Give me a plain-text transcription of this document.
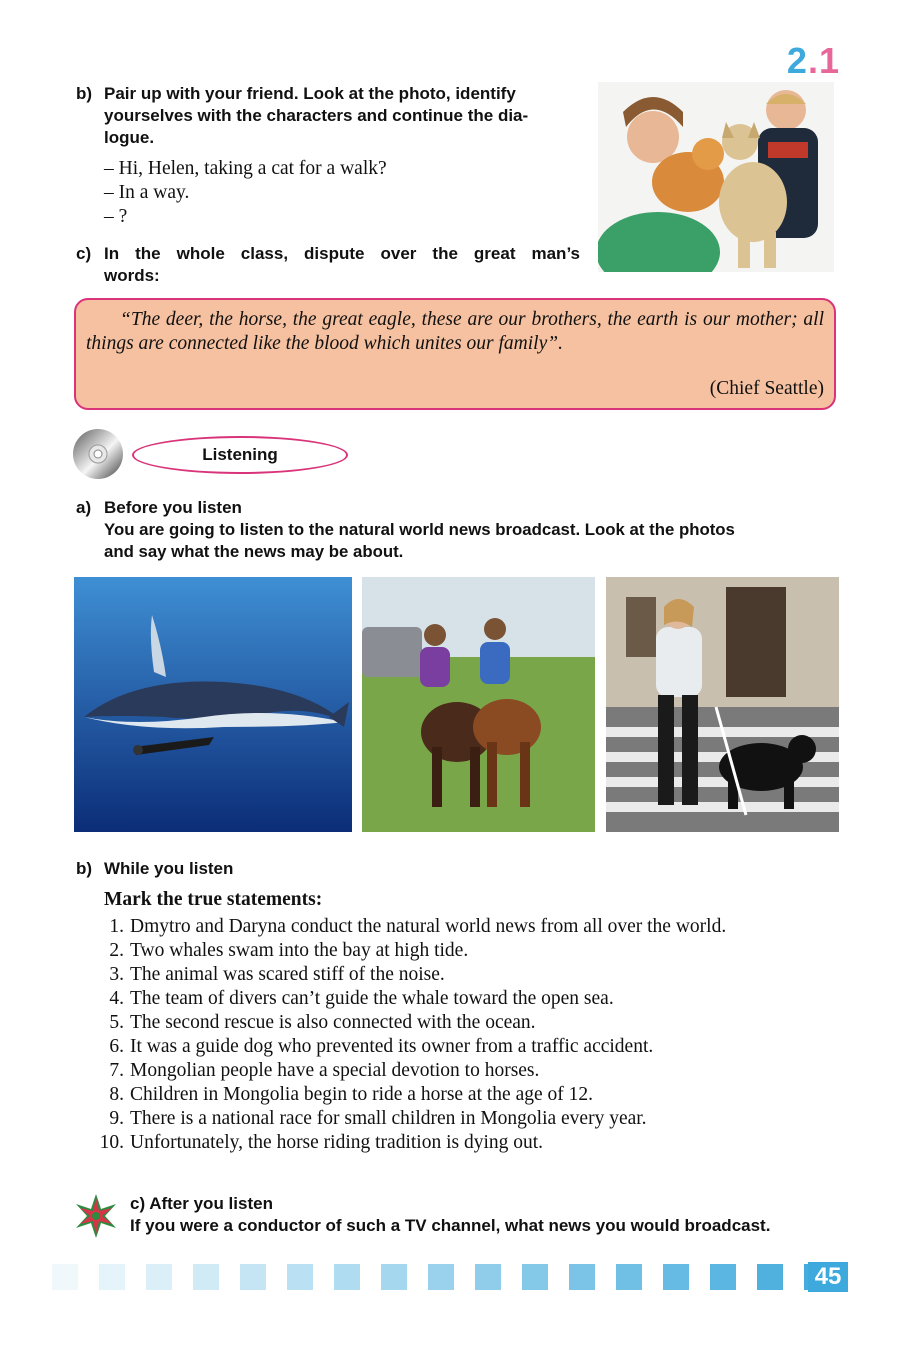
2.1
b) Pair up with your friend. Look at the photo, identify
yourselves with the characters and continue the dia-
logue.
– Hi, Helen, taking a cat for a walk?
– In a way.
– ?
c) In the whole class, dispute over the great man’s
words:
“The deer, the horse, the great eagle, these are our brothers, the earth is our mother; all things are connected like the blood which unites our family”.
(Chief Seattle)
Listening
a) Before you listen
You are going to listen to the natural world news broadcast. Look at the photos
and say what the news may be about.
b) While you listen
Mark the true statements:
1. Dmytro and Daryna conduct the natural world news from all over the world.
2. Two whales swam into the bay at high tide.
3. The animal was scared stiff of the noise.
4. The team of divers can’t guide the whale toward the open sea.
5. The second rescue is also connected with the ocean.
6. It was a guide dog who prevented its owner from a traffic accident.
7. Mongolian people have a special devotion to horses.
8. Children in Mongolia begin to ride a horse at the age of 12.
9. There is a national race for small children in Mongolia every year.
10. Unfortunately, the horse riding tradition is dying out.
c) After you listen
If you were a conductor of such a TV channel, what news you would broadcast.
45
